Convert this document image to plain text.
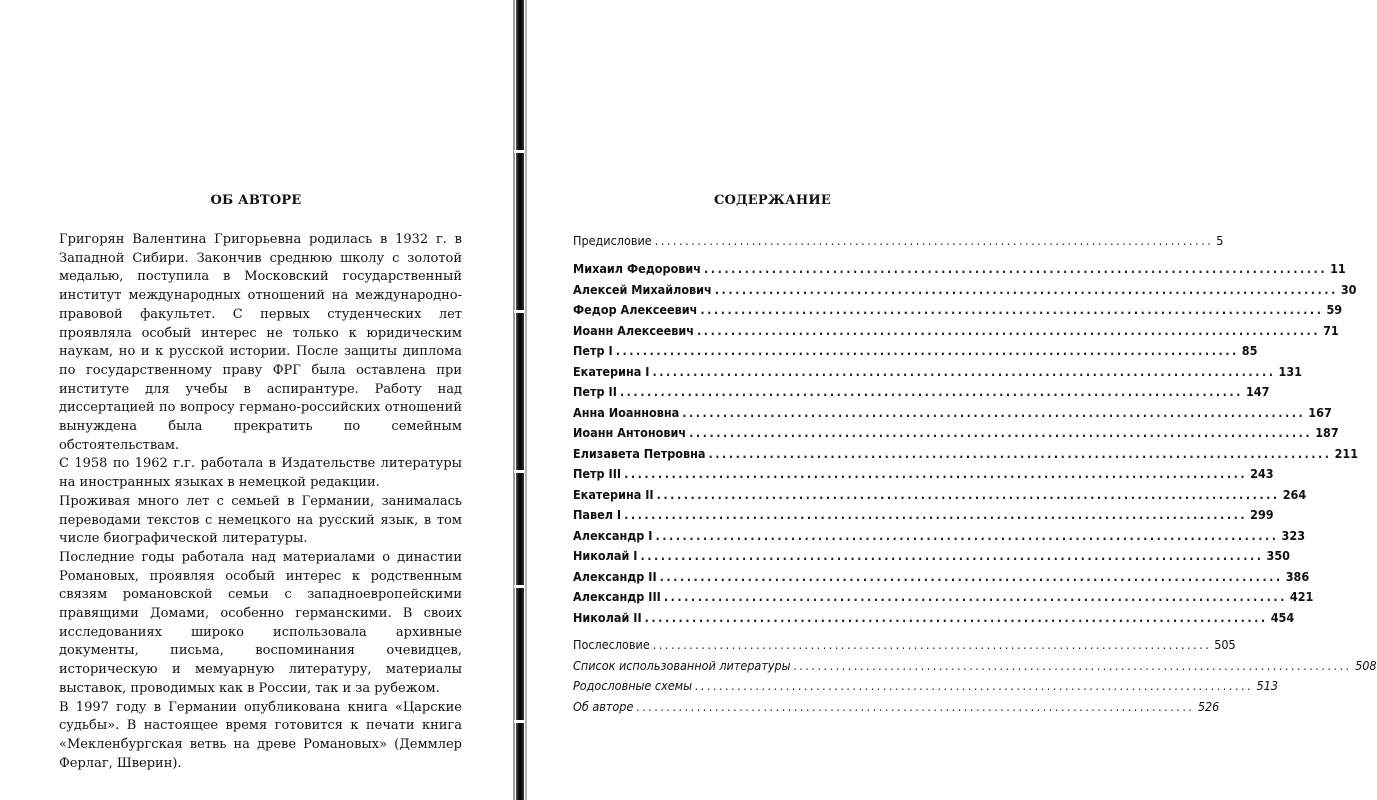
ОБ АВТОРЕ

Григорян Валентина Григорьевна родилась в 1932 г. в Западной Сибири. Закончив среднюю школу с золотой медалью, поступила в Московский государственный институт международных отношений на международно-правовой факультет. С первых студенческих лет проявляла особый интерес не только к юридическим наукам, но и к русской истории. После защиты диплома по государственному праву ФРГ была оставлена при институте для учебы в аспирантуре. Работу над диссертацией по вопросу германо-российских отношений вынуждена была прекратить по семейным обстоятельствам.

С 1958 по 1962 г.г. работала в Издательстве литературы на иностранных языках в немецкой редакции.

Проживая много лет с семьей в Германии, занималась переводами текстов с немецкого на русский язык, в том числе биографической литературы.

Последние годы работала над материалами о династии Романовых, проявляя особый интерес к родственным связям романовской семьи с западноевропейскими правящими Домами, особенно германскими. В своих исследованиях широко использовала архивные документы, письма, воспоминания очевидцев, историческую и мемуарную литературу, материалы выставок, проводимых как в России, так и за рубежом.

В 1997 году в Германии опубликована книга «Царские судьбы». В настоящее время готовится к печати книга «Мекленбургская ветвь на древе Романовых» (Деммлер Ферлаг, Шверин).

СОДЕРЖАНИЕ
Предисловие ............................................................................................ 5
Михаил Федорович ............................................................................................ 11
Алексей Михайлович ............................................................................................ 30
Федор Алексеевич ............................................................................................ 59
Иоанн Алексеевич ............................................................................................ 71
Петр I ............................................................................................ 85
Екатерина I ............................................................................................ 131
Петр II ............................................................................................ 147
Анна Иоанновна ............................................................................................ 167
Иоанн Антонович ............................................................................................ 187
Елизавета Петровна ............................................................................................ 211
Петр III ............................................................................................ 243
Екатерина II ............................................................................................ 264
Павел I ............................................................................................ 299
Александр I ............................................................................................ 323
Николай I ............................................................................................ 350
Александр II ............................................................................................ 386
Александр III ............................................................................................ 421
Николай II ............................................................................................ 454
Послесловие ............................................................................................ 505
Список использованной литературы ............................................................................................ 508
Родословные схемы ............................................................................................ 513
Об авторе ............................................................................................ 526
